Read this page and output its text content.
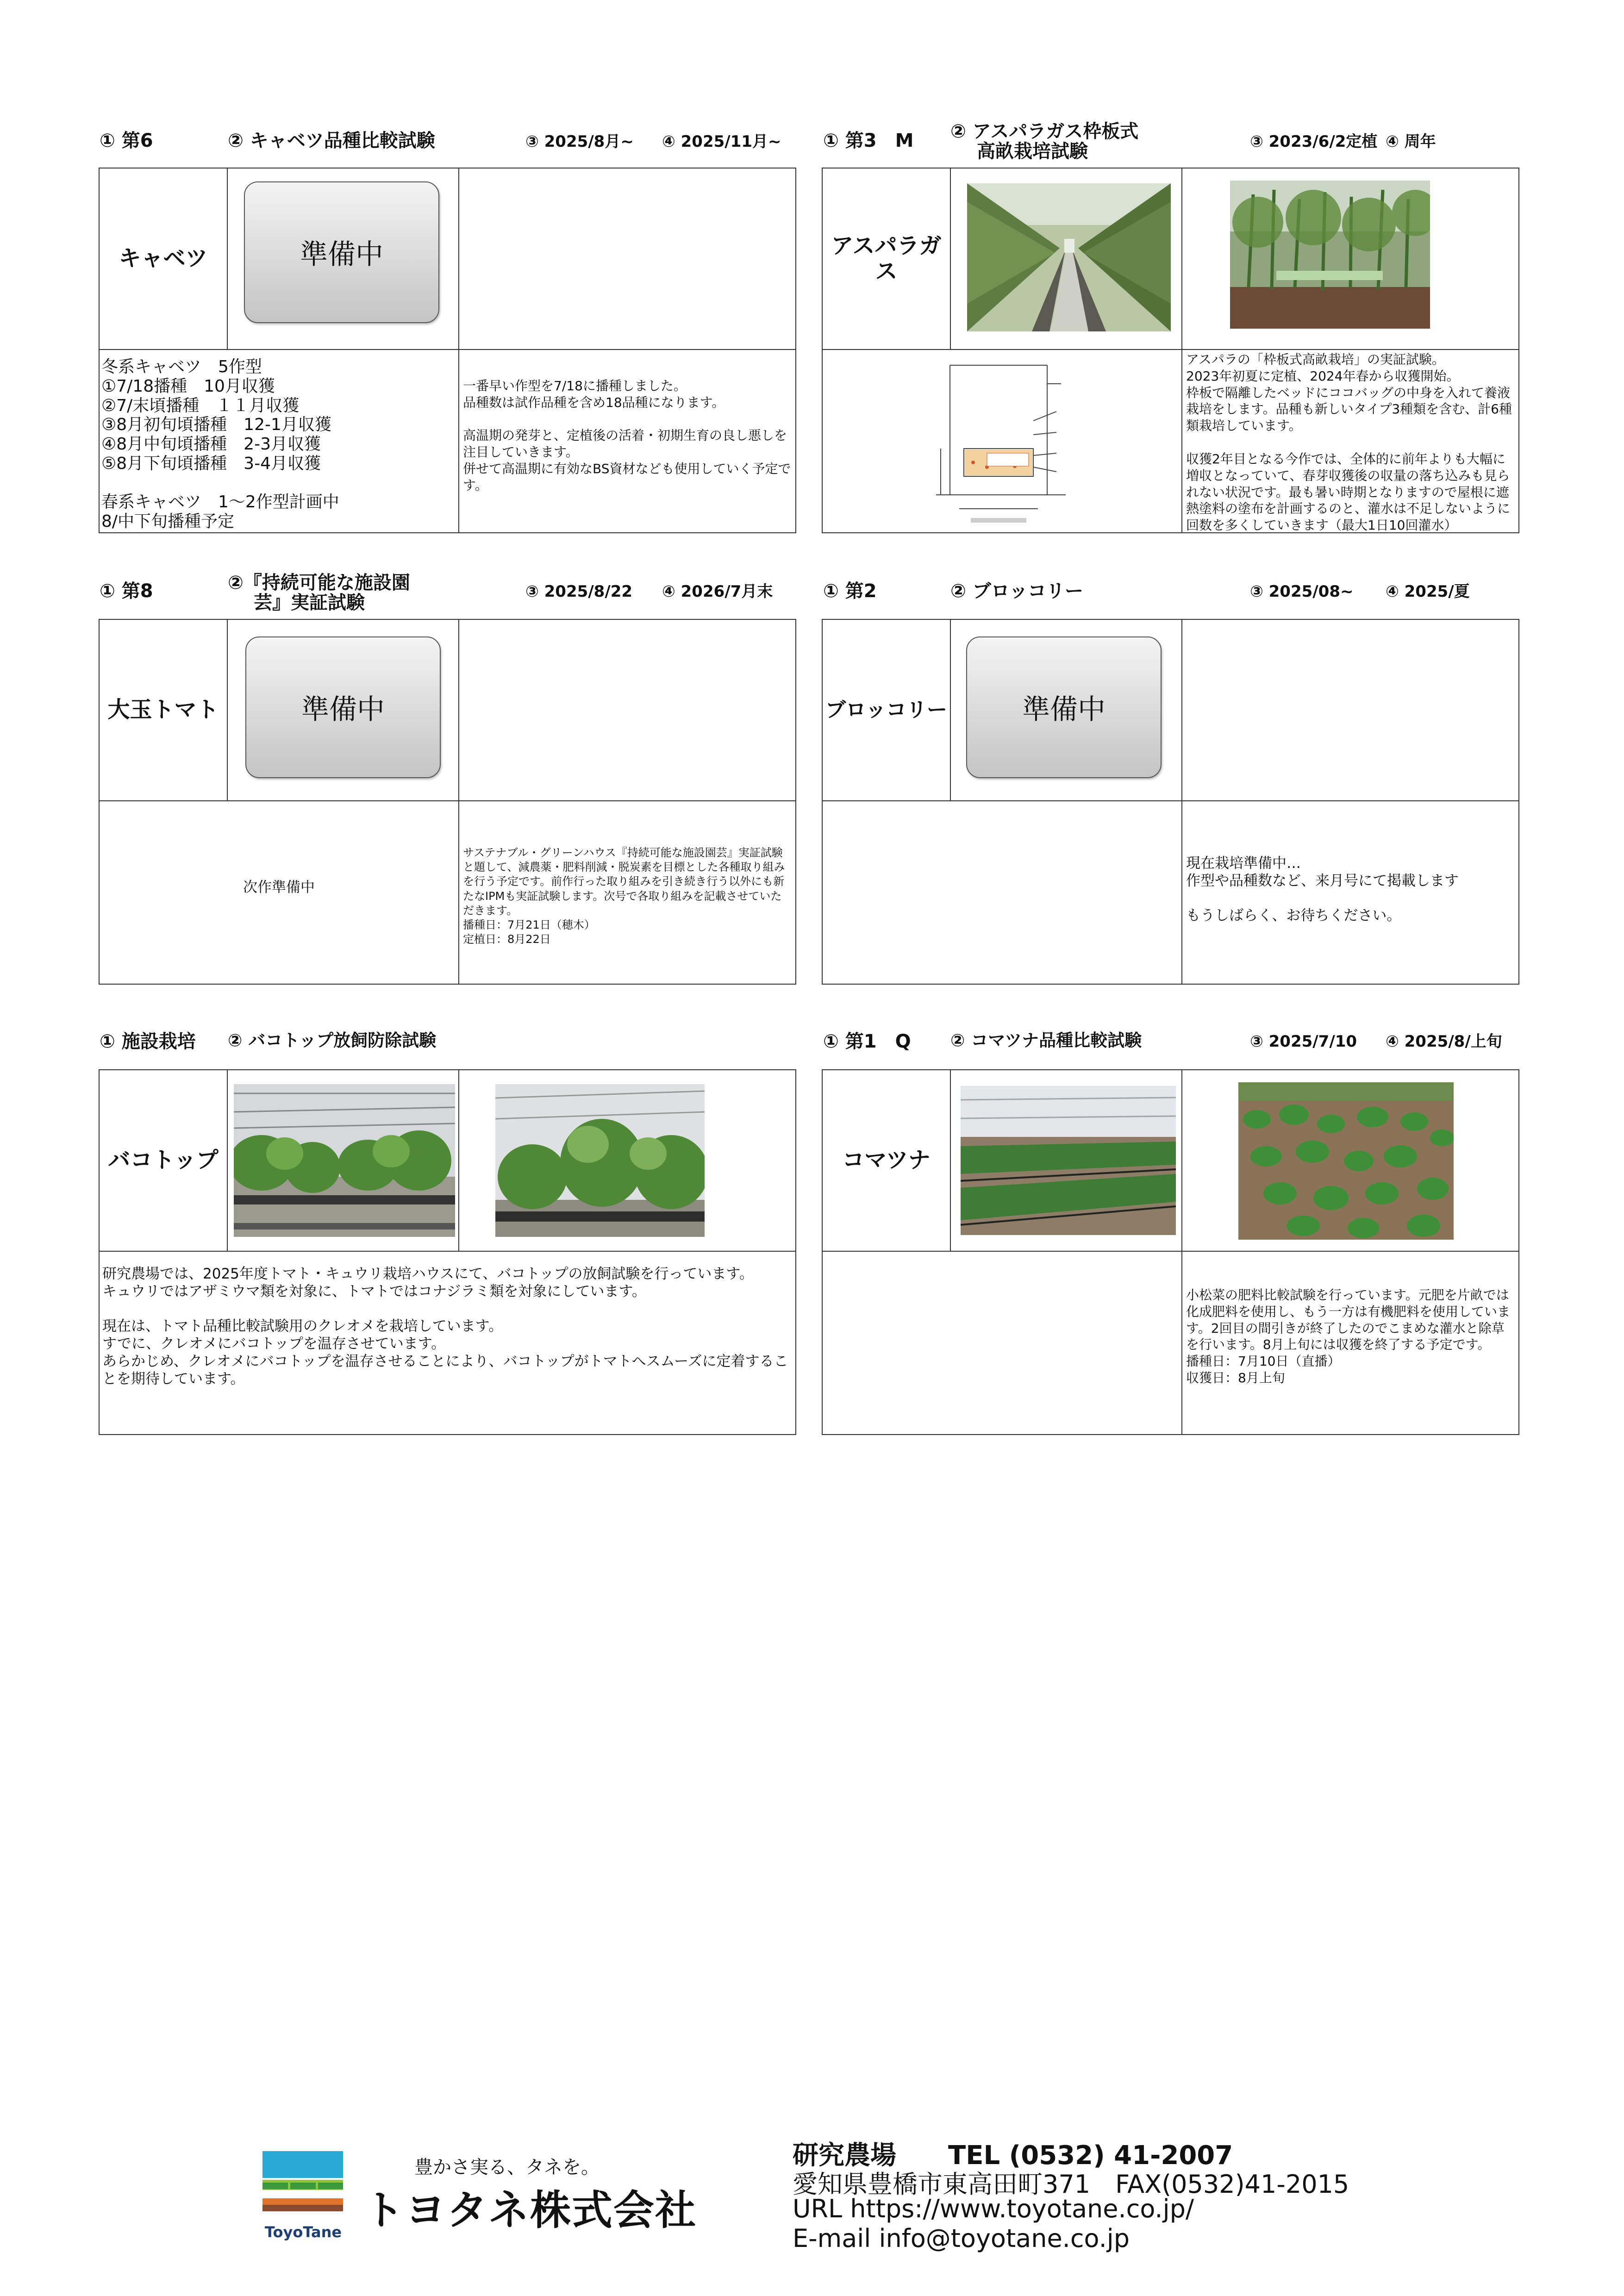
① 第6	② キャベツ品種比較試験	③ 2025/8月~ ④ 2025/11月~
キャベツ	準備中
冬系キャベツ　5作型
①7/18播種　10月収獲
②7/末頃播種　１１月収獲
③8月初旬頃播種　12-1月収獲
④8月中旬頃播種　2-3月収獲
⑤8月下旬頃播種　3-4月収獲

春系キャベツ　1～2作型計画中
8/中下旬播種予定
一番早い作型を7/18に播種しました。
品種数は試作品種を含め18品種になります。

高温期の発芽と、定植後の活着・初期生育の良し悪しを
注目していきます。
併せて高温期に有効なBS資材なども使用していく予定です。
① 第3　M ② アスパラガス枠板式
高畝栽培試験	③ 2023/6/2定植 ④ 周年
アスパラガス
アスパラの「枠板式高畝栽培」の実証試験。
2023年初夏に定植、2024年春から収獲開始。
枠板で隔離したベッドにココバッグの中身を入れて養液栽培をします。品種も新しいタイプ3種類を含む、計6種類栽培しています。

収獲2年目となる今作では、全体的に前年よりも大幅に増収となっていて、春芽収獲後の収量の落ち込みも見られない状況です。最も暑い時期となりますので屋根に遮熱塗料の塗布を計画するのと、灌水は不足しないように回数を多くしていきます（最大1日10回灌水）
① 第8	②『持続可能な施設園
芸』実証試験
③ 2025/8/22 ④ 2026/7月末
大玉トマト	準備中
次作準備中
サステナブル・グリーンハウス『持続可能な施設園芸』実証試験と題して、減農薬・肥料削減・脱炭素を目標とした各種取り組みを行う予定です。前作行った取り組みを引き続き行う以外にも新たなIPMも実証試験します。次号で各取り組みを記載させていただきます。
播種日：7月21日（穂木）
定植日：8月22日
① 第2	② ブロッコリー	③ 2025/08~ ④ 2025/夏
ブロッコリー	準備中
現在栽培準備中…
作型や品種数など、来月号にて掲載します

もうしばらく、お待ちください。
① 施設栽培 ② バコトップ放飼防除試験
バコトップ
研究農場では、2025年度トマト・キュウリ栽培ハウスにて、バコトップの放飼試験を行っています。
キュウリではアザミウマ類を対象に、トマトではコナジラミ類を対象にしています。

現在は、トマト品種比較試験用のクレオメを栽培しています。
すでに、クレオメにバコトップを温存させています。
あらかじめ、クレオメにバコトップを温存させることにより、バコトップがトマトへスムーズに定着することを期待しています。
① 第1　Q ② コマツナ品種比較試験	③ 2025/7/10 ④ 2025/8/上旬
コマツナ
小松菜の肥料比較試験を行っています。元肥を片畝では化成肥料を使用し、もう一方は有機肥料を使用しています。2回目の間引きが終了したのでこまめな灌水と除草を行います。8月上旬には収獲を終了する予定です。
播種日：7月10日（直播）
収獲日：8月上旬
ToyoTane
豊かさ実る、タネを。
トヨタネ株式会社
研究農場　　TEL (0532) 41-2007
愛知県豊橋市東高田町371　FAX(0532)41-2015
URL https://www.toyotane.co.jp/
E-mail info@toyotane.co.jp
